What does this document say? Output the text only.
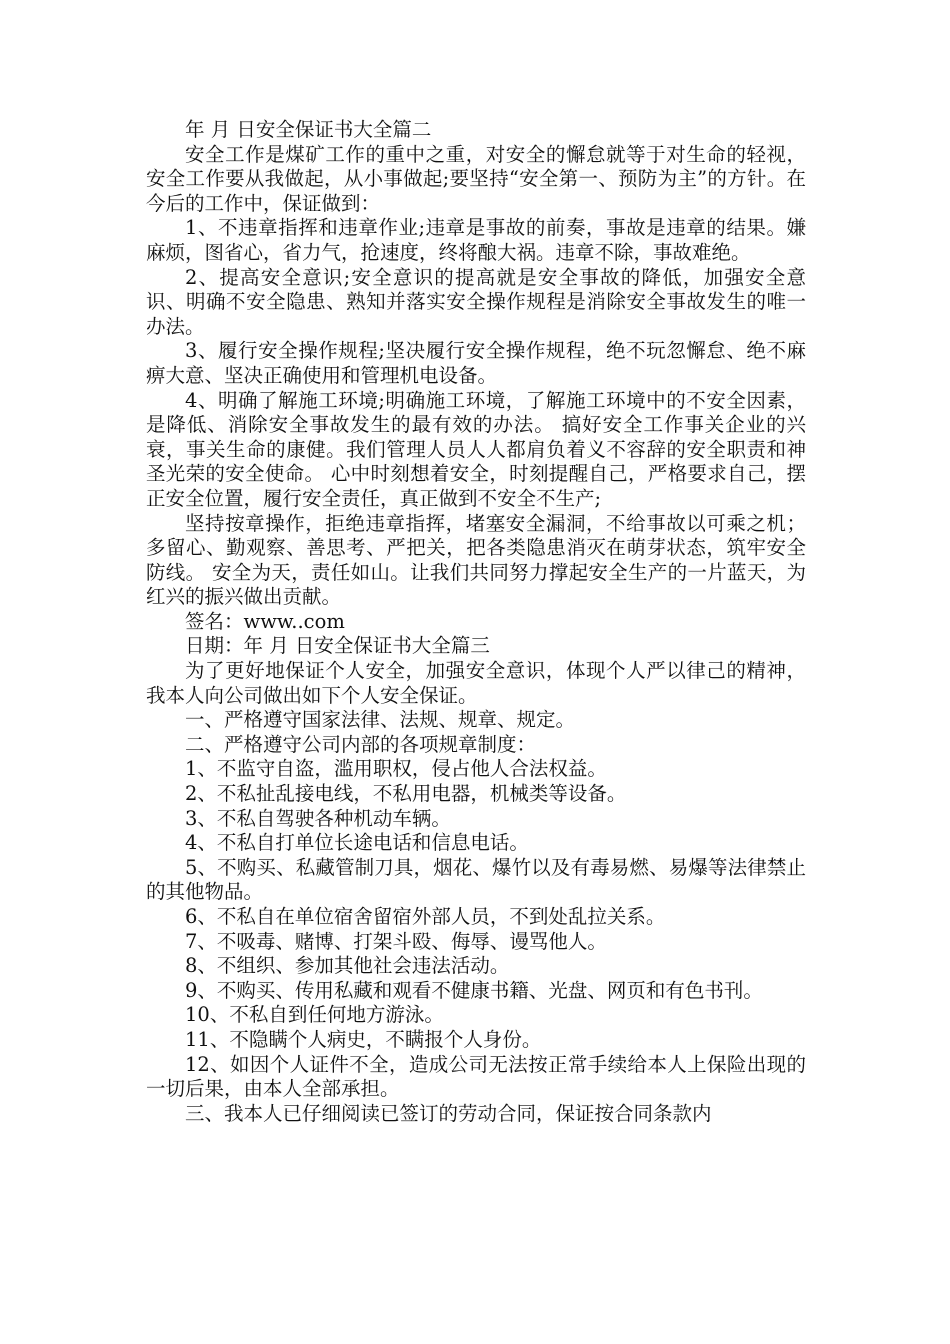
年 月 日安全保证书大全篇二

安全工作是煤矿工作的重中之重，对安全的懈怠就等于对生命的轻视，安全工作要从我做起，从小事做起;要坚持“安全第一、预防为主”的方针。在今后的工作中，保证做到：

1、不违章指挥和违章作业;违章是事故的前奏，事故是违章的结果。嫌麻烦，图省心，省力气，抢速度，终将酿大祸。违章不除，事故难绝。

2、提高安全意识;安全意识的提高就是安全事故的降低，加强安全意识、明确不安全隐患、熟知并落实安全操作规程是消除安全事故发生的唯一办法。

3、履行安全操作规程;坚决履行安全操作规程，绝不玩忽懈怠、绝不麻痹大意、坚决正确使用和管理机电设备。

4、明确了解施工环境;明确施工环境，了解施工环境中的不安全因素，是降低、消除安全事故发生的最有效的办法。 搞好安全工作事关企业的兴衰，事关生命的康健。我们管理人员人人都肩负着义不容辞的安全职责和神圣光荣的安全使命。 心中时刻想着安全，时刻提醒自己，严格要求自己，摆正安全位置，履行安全责任，真正做到不安全不生产;

坚持按章操作，拒绝违章指挥，堵塞安全漏洞，不给事故以可乘之机；多留心、勤观察、善思考、严把关，把各类隐患消灭在萌芽状态，筑牢安全防线。 安全为天，责任如山。让我们共同努力撑起安全生产的一片蓝天，为红兴的振兴做出贡献。

签名：www..com

日期：年 月 日安全保证书大全篇三

为了更好地保证个人安全，加强安全意识，体现个人严以律己的精神，我本人向公司做出如下个人安全保证。

一、严格遵守国家法律、法规、规章、规定。

二、严格遵守公司内部的各项规章制度：

1、不监守自盗，滥用职权，侵占他人合法权益。

2、不私扯乱接电线，不私用电器，机械类等设备。

3、不私自驾驶各种机动车辆。

4、不私自打单位长途电话和信息电话。

5、不购买、私藏管制刀具，烟花、爆竹以及有毒易燃、易爆等法律禁止的其他物品。

6、不私自在单位宿舍留宿外部人员，不到处乱拉关系。

7、不吸毒、赌博、打架斗殴、侮辱、谩骂他人。

8、不组织、参加其他社会违法活动。

9、不购买、传用私藏和观看不健康书籍、光盘、网页和有色书刊。

10、不私自到任何地方游泳。

11、不隐瞒个人病史，不瞒报个人身份。

12、如因个人证件不全，造成公司无法按正常手续给本人上保险出现的一切后果，由本人全部承担。

三、我本人已仔细阅读已签订的劳动合同，保证按合同条款内
